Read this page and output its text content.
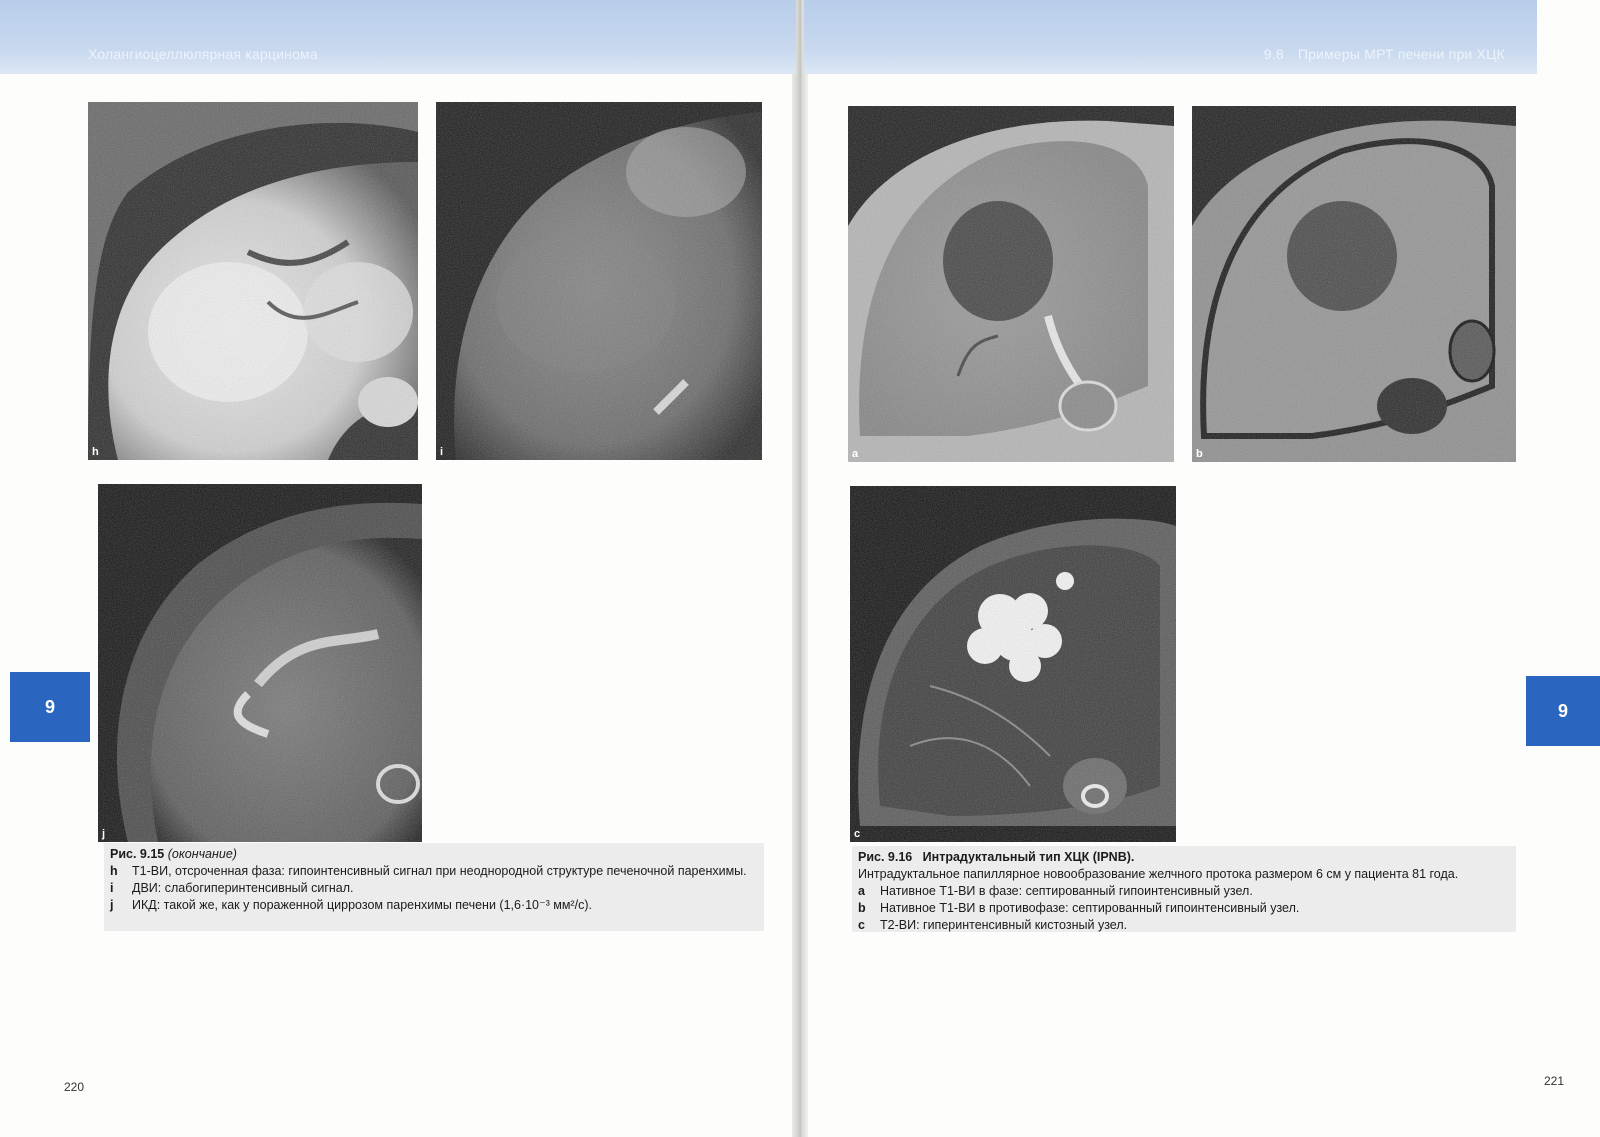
Холангиоцеллюлярная карцинома	9.8 Примеры МРТ печени при ХЦК
h	i
j
a	b
c
9	9
Рис. 9.15 (окончание)
h	T1-ВИ, отсроченная фаза: гипоинтенсивный сигнал при неоднородной структуре печеночной паренхимы.
i	ДВИ: слабогиперинтенсивный сигнал.
j	ИКД: такой же, как у пораженной циррозом паренхимы печени (1,6·10⁻³ мм²/с).
Рис. 9.16 Интрадуктальный тип ХЦК (IPNB).
Интрадуктальное папиллярное новообразование желчного протока размером 6 см у пациента 81 года.
a	Нативное T1-ВИ в фазе: септированный гипоинтенсивный узел.
b	Нативное T1-ВИ в противофазе: септированный гипоинтенсивный узел.
c	T2-ВИ: гиперинтенсивный кистозный узел.
220	221
